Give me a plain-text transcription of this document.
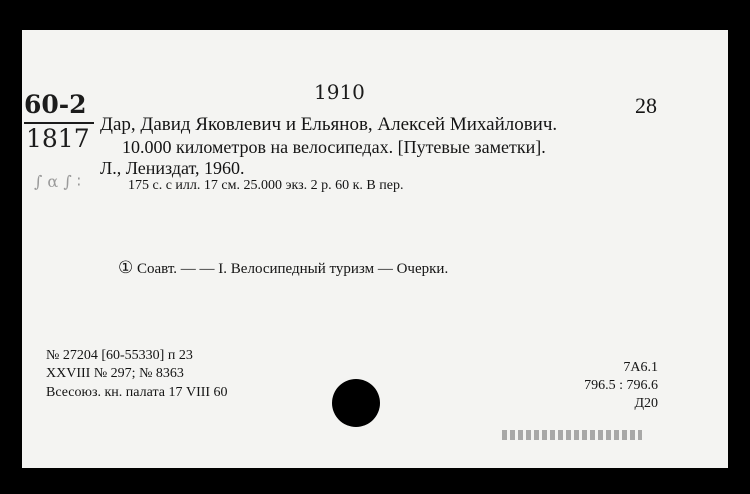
1910
60-2
1817
28
Дар, Давид Яковлевич и Ельянов, Алексей Михайлович.
10.000 километров на велосипедах. [Путевые заметки].
Л., Лениздат, 1960.
∫ α ∫ ∶	175 с. с илл. 17 см. 25.000 экз. 2 р. 60 к. В пер.
① Соавт. — — I. Велосипедный туризм — Очерки.
№ 27204 [60-55330] п 23
XXVIII № 297; № 8363
Всесоюз. кн. палата 17 VIII 60
7А6.1
796.5 : 796.6
Д20
